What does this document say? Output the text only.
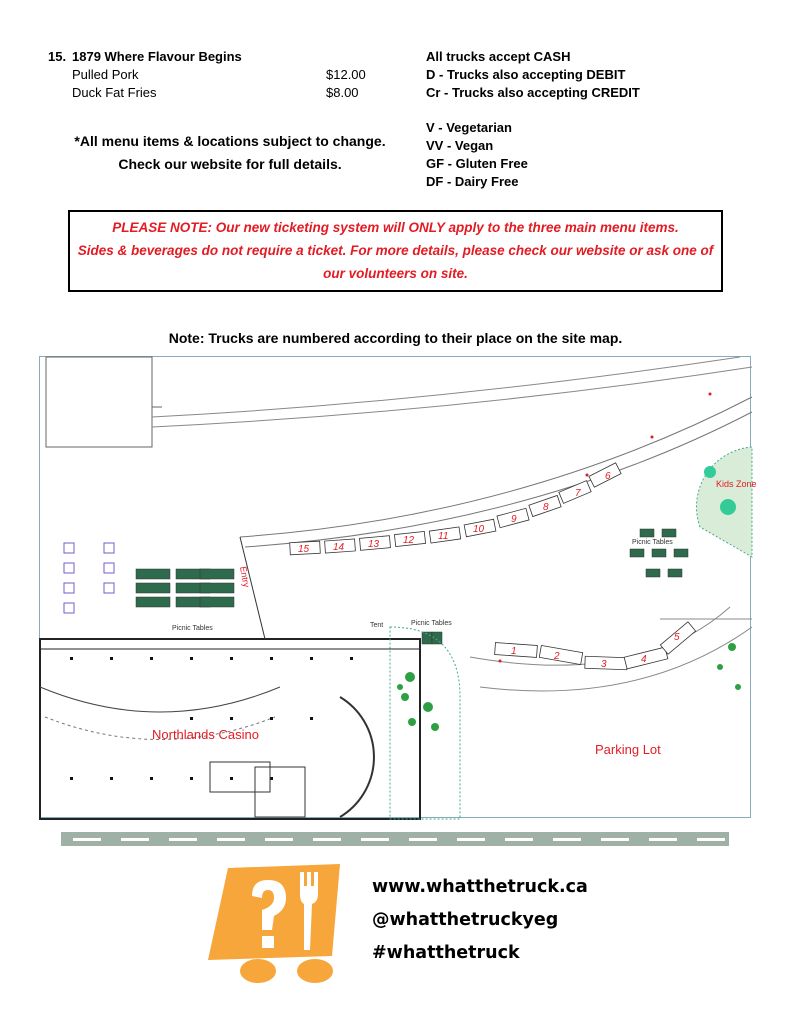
15. 1879 Where Flavour Begins
Pulled Pork	$12.00
Duck Fat Fries	$8.00
*All menu items & locations subject to change.
Check our website for full details.
All trucks accept CASH
D - Trucks also accepting DEBIT
Cr - Trucks also accepting CREDIT
V - Vegetarian
VV - Vegan
GF - Gluten Free
DF - Dairy Free
PLEASE NOTE: Our new ticketing system will ONLY apply to the three main menu items.
Sides & beverages do not require a ticket. For more details, please check our website or ask one of
our volunteers on site.
Note: Trucks are numbered according to their place on the site map.
1	2
3	4
5
6
7
8
9
10
11
12
13
14
15
Northlands Casino
Parking Lot
Kids Zone
Picnic Tables
Picnic Tables
Picnic Tables
Tent
Entry
www.whatthetruck.ca
@whatthetruckyeg
#whatthetruck
